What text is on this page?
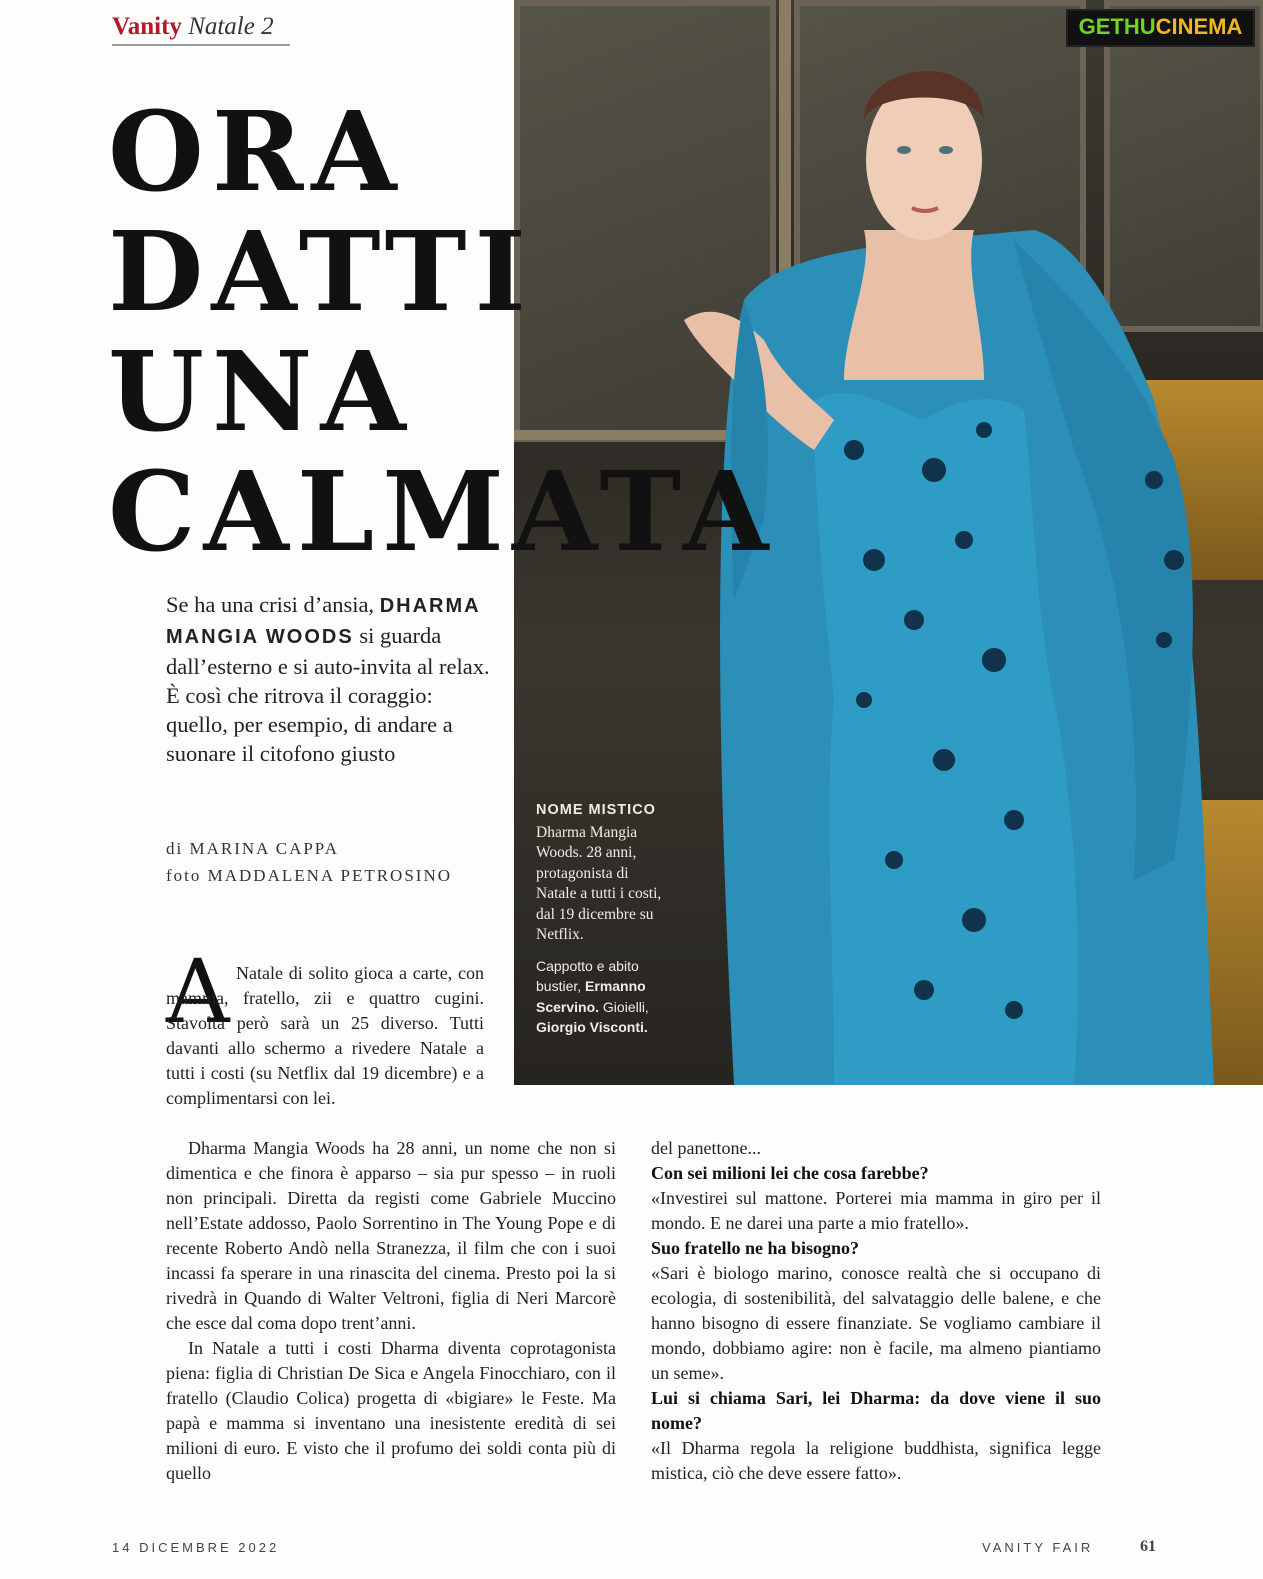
Vanity Natale 2	GETHUCINEMA
ORA
DATTI
UNA
CALMATA
Se ha una crisi d’ansia, DHARMA MANGIA WOODS si guarda dall’esterno e si auto-invita al relax. È così che ritrova il coraggio: quello, per esempio, di andare a suonare il citofono giusto
di MARINA CAPPA
foto MADDALENA PETROSINO
NOME MISTICO
Dharma Mangia Woods. 28 anni, protagonista di Natale a tutti i costi, dal 19 dicembre su Netflix.
Cappotto e abito bustier, Ermanno Scervino. Gioielli, Giorgio Visconti.
A Natale di solito gioca a carte, con mamma, fratello, zii e quattro cugini. Stavolta però sarà un 25 diverso. Tutti davanti allo schermo a rivedere Natale a tutti i costi (su Netflix dal 19 dicembre) e a complimentarsi con lei.

Dharma Mangia Woods ha 28 anni, un nome che non si dimentica e che finora è apparso – sia pur spesso – in ruoli non principali. Diretta da registi come Gabriele Muccino nell’Estate addosso, Paolo Sorrentino in The Young Pope e di recente Roberto Andò nella Stranezza, il film che con i suoi incassi fa sperare in una rinascita del cinema. Presto poi la si rivedrà in Quando di Walter Veltroni, figlia di Neri Marcorè che esce dal coma dopo trent’anni.

In Natale a tutti i costi Dharma diventa coprotagonista piena: figlia di Christian De Sica e Angela Finocchiaro, con il fratello (Claudio Colica) progetta di «bigiare» le Feste. Ma papà e mamma si inventano una inesistente eredità di sei milioni di euro. E visto che il profumo dei soldi conta più di quello

del panettone...

Con sei milioni lei che cosa farebbe?

«Investirei sul mattone. Porterei mia mamma in giro per il mondo. E ne darei una parte a mio fratello».

Suo fratello ne ha bisogno?

«Sari è biologo marino, conosce realtà che si occupano di ecologia, di sostenibilità, del salvataggio delle balene, e che hanno bisogno di essere finanziate. Se vogliamo cambiare il mondo, dobbiamo agire: non è facile, ma almeno piantiamo un seme».

Lui si chiama Sari, lei Dharma: da dove viene il suo nome?

«Il Dharma regola la religione buddhista, significa legge mistica, ciò che deve essere fatto».

14 DICEMBRE 2022	VANITY FAIR	61
